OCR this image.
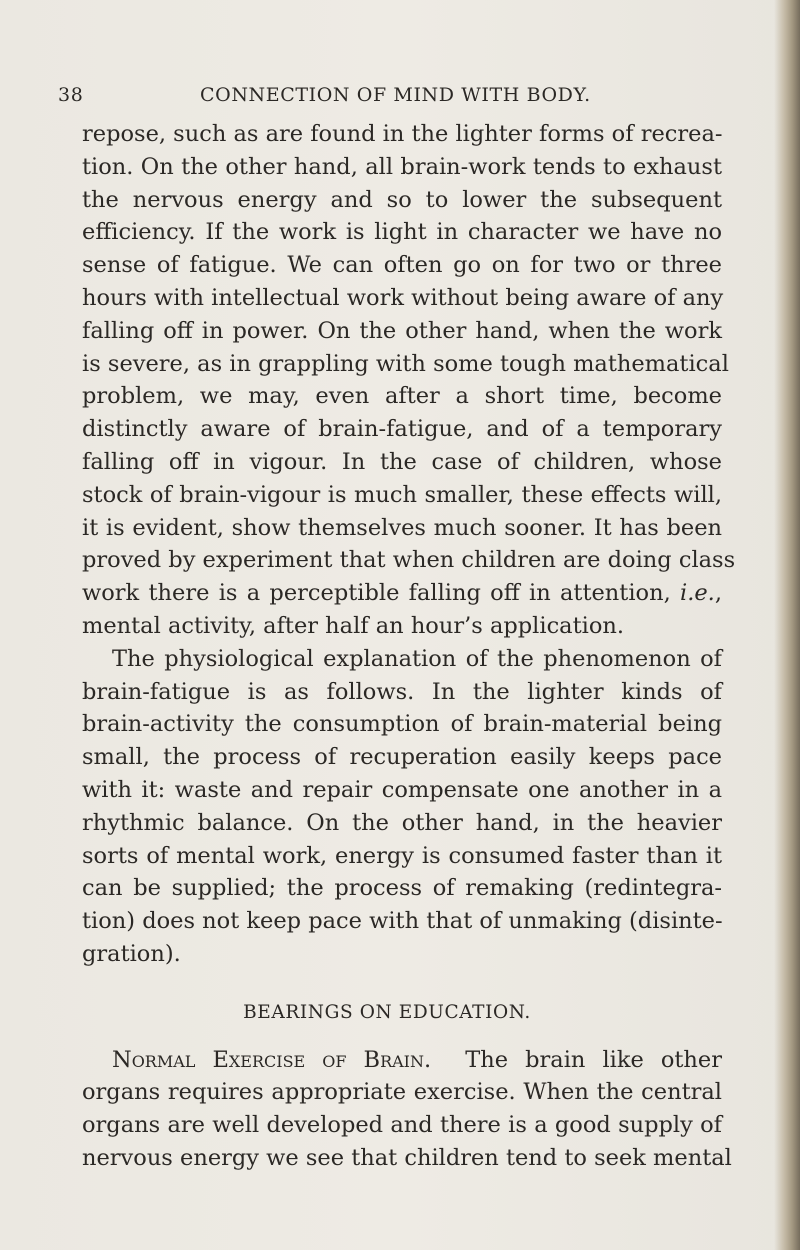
38	CONNECTION OF MIND WITH BODY.
repose, such as are found in the lighter forms of recrea-
tion. On the other hand, all brain-work tends to exhaust
the nervous energy and so to lower the subsequent
efficiency. If the work is light in character we have no
sense of fatigue. We can often go on for two or three
hours with intellectual work without being aware of any
falling off in power. On the other hand, when the work
is severe, as in grappling with some tough mathematical
problem, we may, even after a short time, become
distinctly aware of brain-fatigue, and of a temporary
falling off in vigour. In the case of children, whose
stock of brain-vigour is much smaller, these effects will,
it is evident, show themselves much sooner. It has been
proved by experiment that when children are doing class
work there is a perceptible falling off in attention, i.e.,
mental activity, after half an hour’s application.
The physiological explanation of the phenomenon of
brain-fatigue is as follows. In the lighter kinds of
brain-activity the consumption of brain-material being
small, the process of recuperation easily keeps pace
with it: waste and repair compensate one another in a
rhythmic balance. On the other hand, in the heavier
sorts of mental work, energy is consumed faster than it
can be supplied; the process of remaking (redintegra-
tion) does not keep pace with that of unmaking (disinte-
gration).
BEARINGS ON EDUCATION.
Normal Exercise of Brain. The brain like other
organs requires appropriate exercise. When the central
organs are well developed and there is a good supply of
nervous energy we see that children tend to seek mental
